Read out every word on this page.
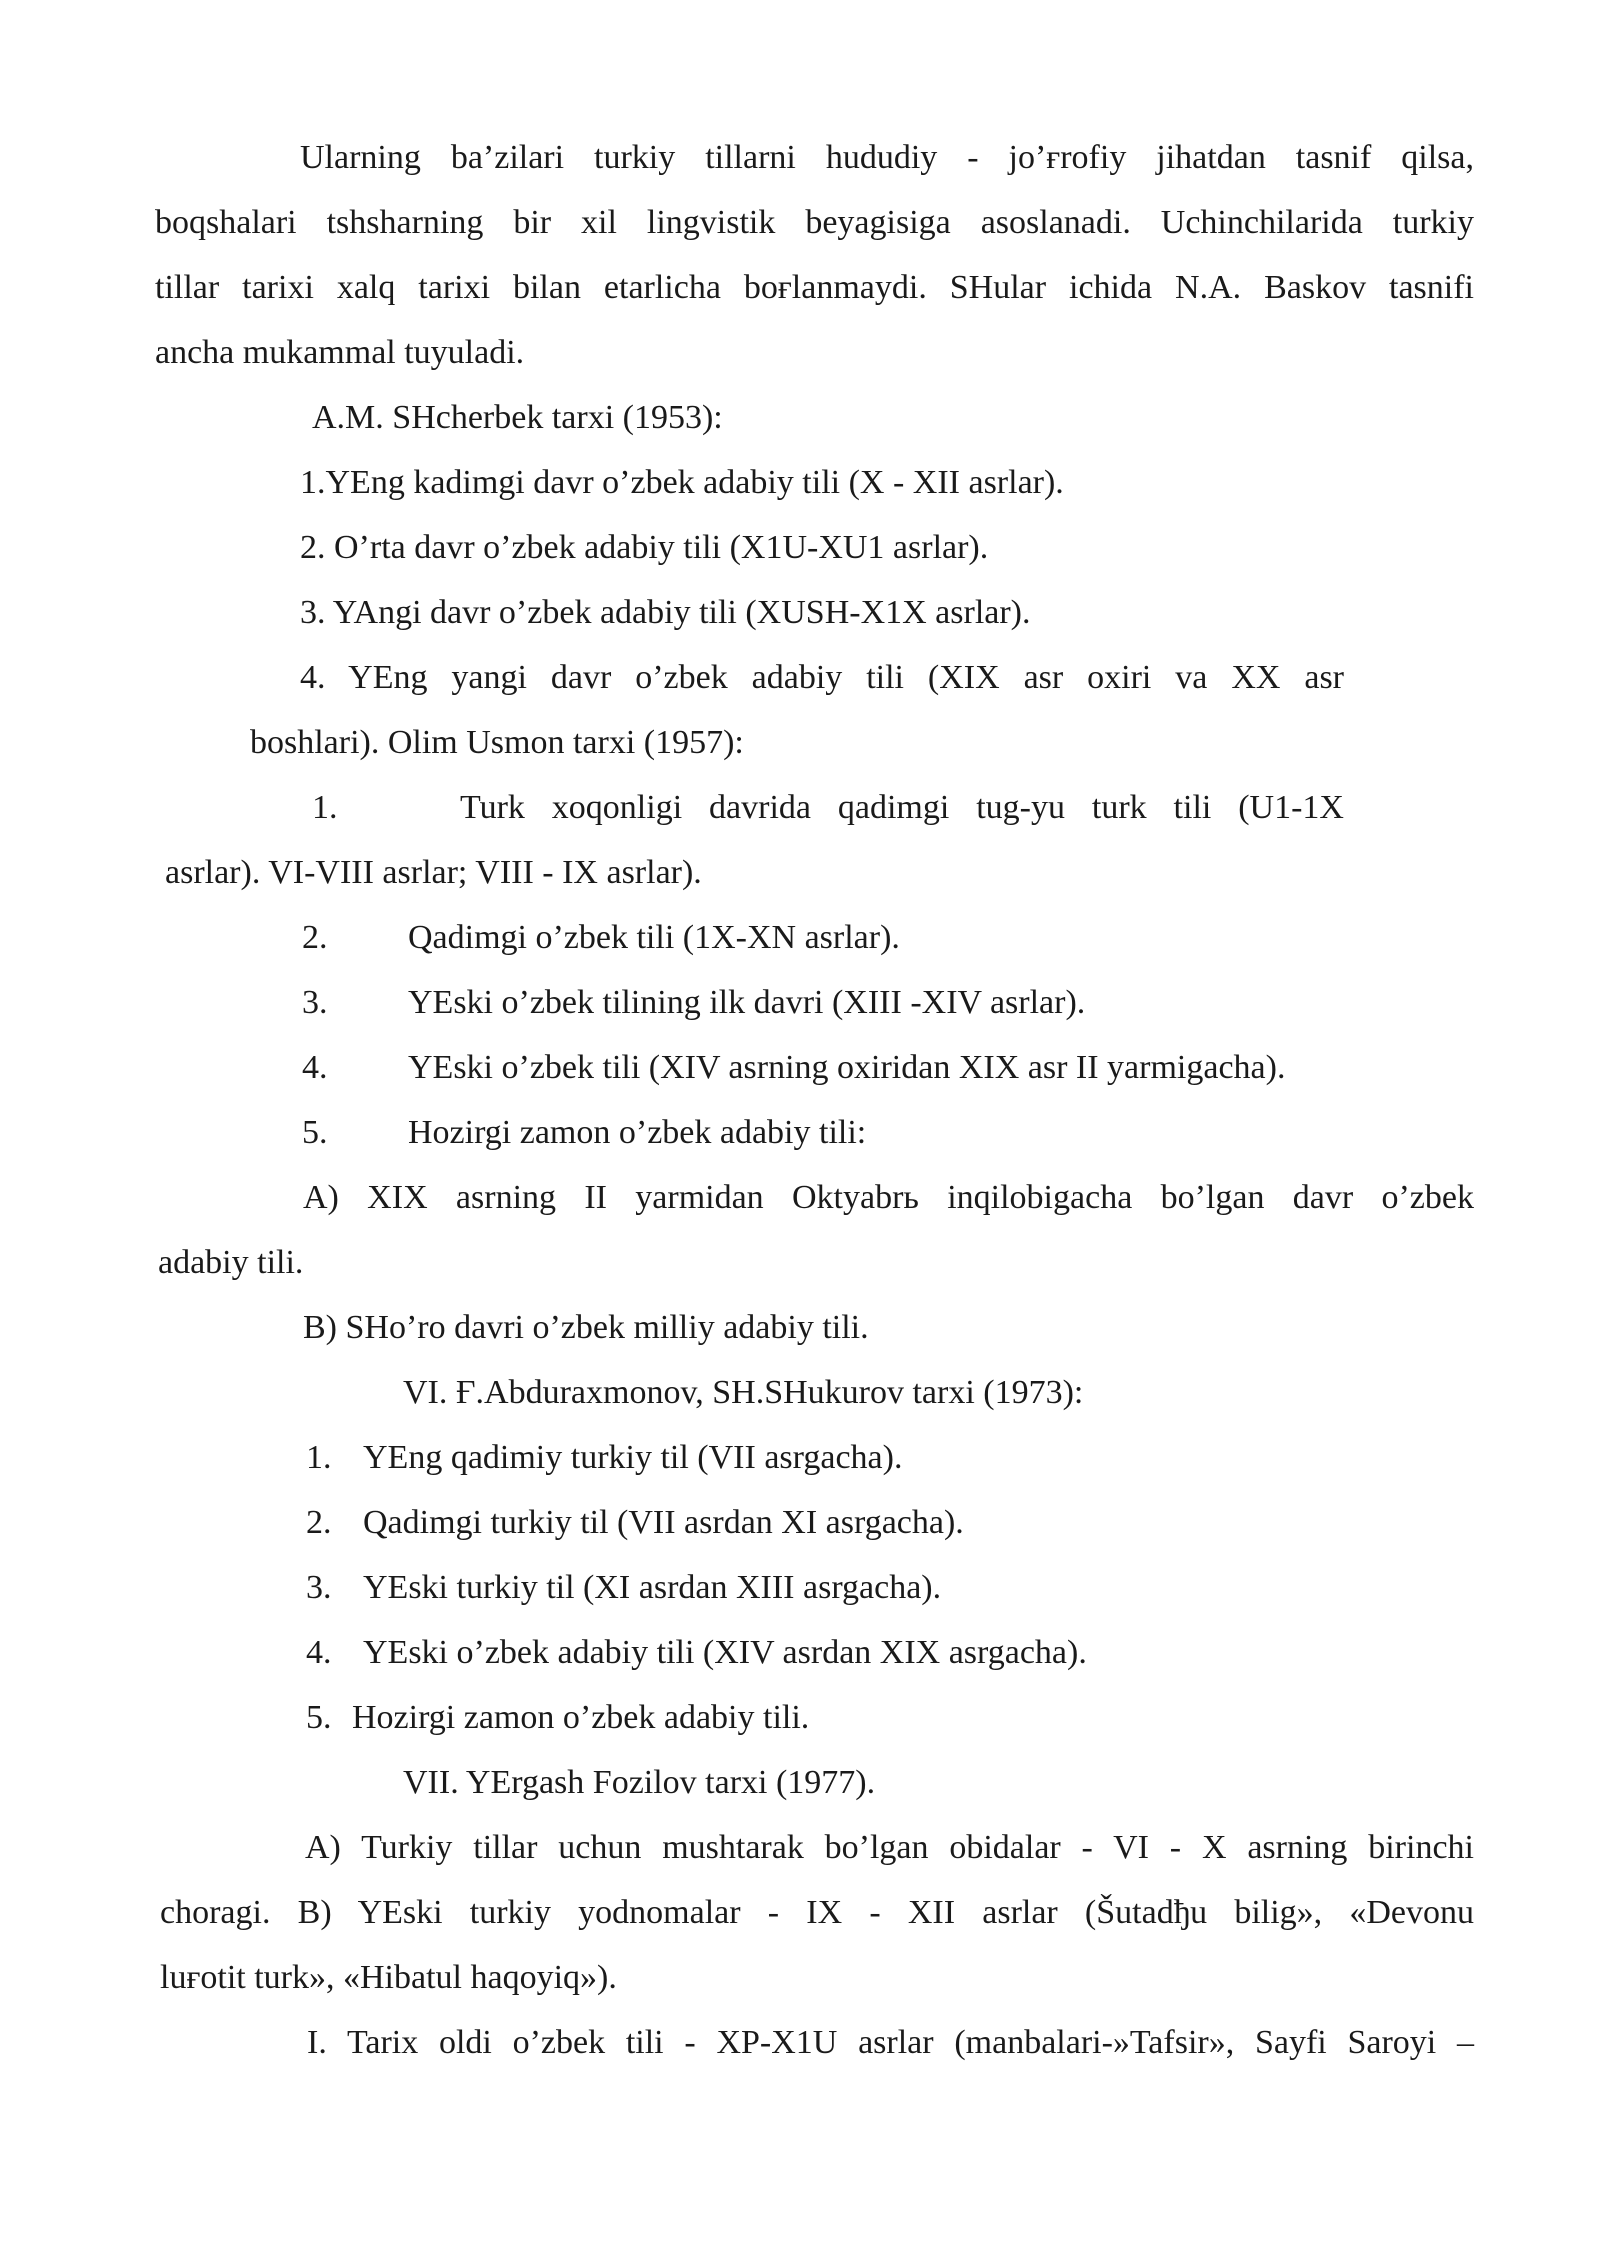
Ularning ba’zilari turkiy tillarni hududiy - jo’ғrofiy jihatdan tasnif qilsa,
boqshalari tshsharning bir xil lingvistik beyagisiga asoslanadi. Uchinchilarida turkiy
tillar tarixi xalq tarixi bilan etarlicha boғlanmaydi. SHular ichida N.A. Baskov tasnifi
ancha mukammal tuyuladi.
A.M. SHcherbek tarxi (1953):
1.YEng kadimgi davr o’zbek adabiy tili (X - XII asrlar).
2. O’rta davr o’zbek adabiy tili (X1U-XU1 asrlar).
3. YAngi davr o’zbek adabiy tili (XUSH-X1X asrlar).
4. YEng yangi davr o’zbek adabiy tili (XIX asr oxiri va XX asr
boshlari). Olim Usmon tarxi (1957):
1.	Turk xoqonligi davrida qadimgi tug-yu turk tili (U1-1X
asrlar). VI-VIII asrlar; VIII - IX asrlar).
2. Qadimgi o’zbek tili (1X-XN asrlar).
3. YEski o’zbek tilining ilk davri (XIII -XIV asrlar).
4. YEski o’zbek tili (XIV asrning oxiridan XIX asr II yarmigacha).
5. Hozirgi zamon o’zbek adabiy tili:
A) XIX asrning II yarmidan Oktyabrь inqilobigacha bo’lgan davr o’zbek
adabiy tili.
B) SHo’ro davri o’zbek milliy adabiy tili.
VI. Ғ.Abduraxmonov, SH.SHukurov tarxi (1973):
1. YEng qadimiy turkiy til (VII asrgacha).
2. Qadimgi turkiy til (VII asrdan XI asrgacha).
3. YEski turkiy til (XI asrdan XIII asrgacha).
4. YEski o’zbek adabiy tili (XIV asrdan XIX asrgacha).
5. Hozirgi zamon o’zbek adabiy tili.
VII. YErgash Fozilov tarxi (1977).
A) Turkiy tillar uchun mushtarak bo’lgan obidalar - VI - X asrning birinchi
choragi. B) YEski turkiy yodnomalar - IX - XII asrlar (Šutadђu bilig», «Devonu
luғotit turk», «Hibatul haqoyiq»).
I. Tarix oldi o’zbek tili - XP-X1U asrlar (manbalari-»Tafsir», Sayfi Saroyi –
